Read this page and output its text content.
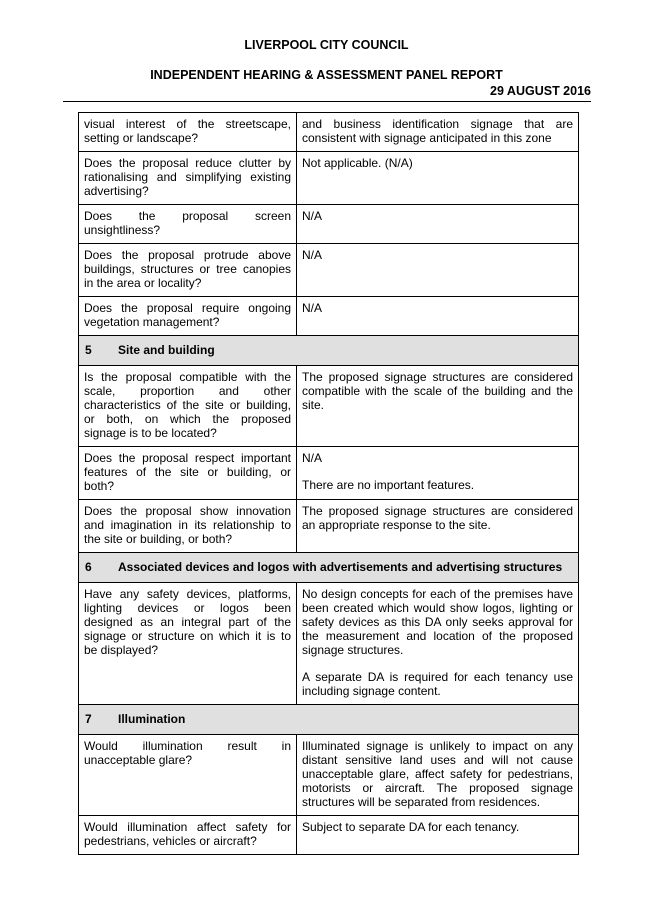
LIVERPOOL CITY COUNCIL
INDEPENDENT HEARING & ASSESSMENT PANEL REPORT
29 AUGUST 2016
visual interest of the streetscape, setting or landscape?	and business identification signage that are consistent with signage anticipated in this zone

Does the proposal reduce clutter by rationalising and simplifying existing advertising?	Not applicable. (N/A)

Does the proposal screen unsightliness?	N/A

Does the proposal protrude above buildings, structures or tree canopies in the area or locality?	N/A

Does the proposal require ongoing vegetation management?	N/A

5 Site and building	
Is the proposal compatible with the scale, proportion and other characteristics of the site or building, or both, on which the proposed signage is to be located?	The proposed signage structures are considered compatible with the scale of the building and the site.

Does the proposal respect important features of the site or building, or both?	N/A

There are no important features.

Does the proposal show innovation and imagination in its relationship to the site or building, or both?	The proposed signage structures are considered an appropriate response to the site.

6 Associated devices and logos with advertisements and advertising structures	
Have any safety devices, platforms, lighting devices or logos been designed as an integral part of the signage or structure on which it is to be displayed?	No design concepts for each of the premises have been created which would show logos, lighting or safety devices as this DA only seeks approval for the measurement and location of the proposed signage structures.

A separate DA is required for each tenancy use including signage content.

7 Illumination	
Would illumination result in unacceptable glare?	Illuminated signage is unlikely to impact on any distant sensitive land uses and will not cause unacceptable glare, affect safety for pedestrians, motorists or aircraft. The proposed signage structures will be separated from residences.

Would illumination affect safety for pedestrians, vehicles or aircraft?	Subject to separate DA for each tenancy.
